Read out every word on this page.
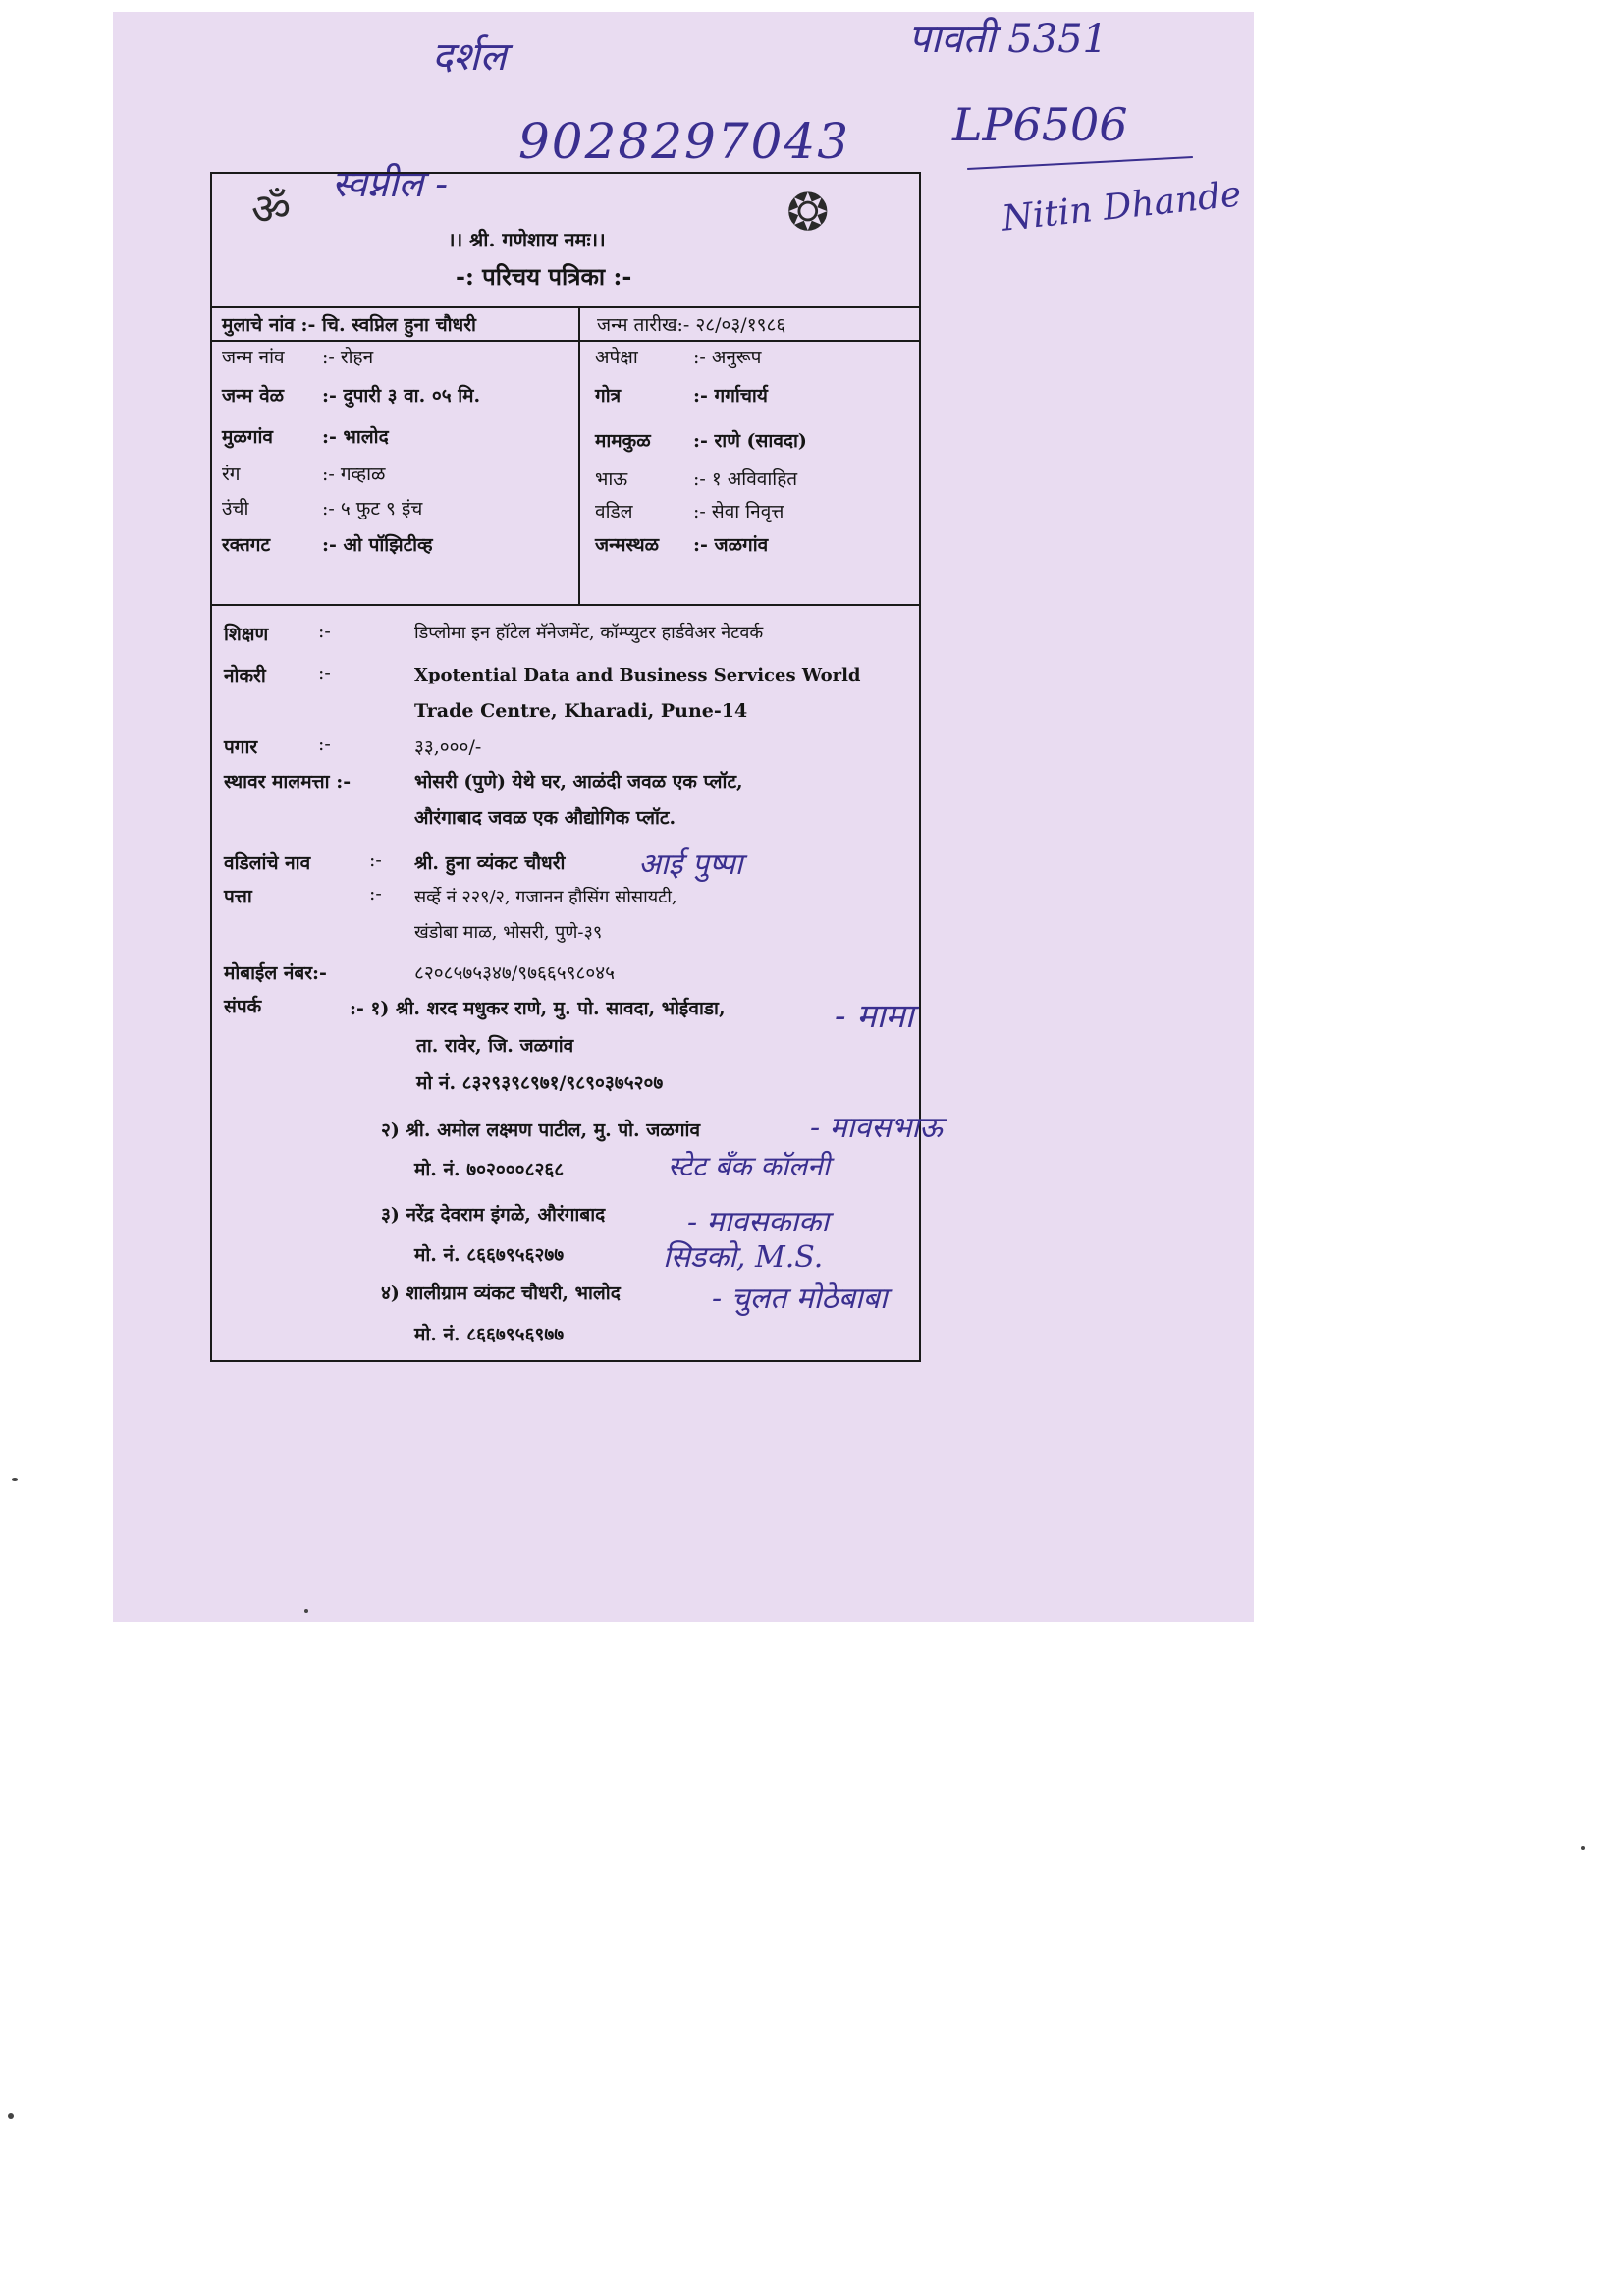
दर्शल	पावती 5351
9028297043 LP6506
Nitin Dhande
स्वप्नील -
ॐ	❂
।। श्री. गणेशाय नमः।।
-: परिचय पत्रिका :-
मुलाचे नांव :- चि. स्वप्निल हुना चौधरी	जन्म तारीख:- २८/०३/१९८६
जन्म नांव :- रोहन
जन्म वेळ :- दुपारी ३ वा. ०५ मि.
मुळगांव	:- भालोद
रंग	:- गव्हाळ
उंची	:- ५ फुट ९ इंच
रक्तगट	:- ओ पॉझिटीव्ह
अपेक्षा	:- अनुरूप
गोत्र	:- गर्गाचार्य
मामकुळ :- राणे (सावदा)
भाऊ	:- १ अविवाहित
वडिल	:- सेवा निवृत्त
जन्मस्थळ :- जळगांव
शिक्षण	:-	डिप्लोमा इन हॉटेल मॅनेजमेंट, कॉम्प्युटर हार्डवेअर नेटवर्क
नोकरी	:-	Xpotential Data and Business Services World
Trade Centre, Kharadi, Pune-14
पगार	:-	३३,०००/-
स्थावर मालमत्ता :-	भोसरी (पुणे) येथे घर, आळंदी जवळ एक प्लॉट,
औरंगाबाद जवळ एक औद्योगिक प्लॉट.
वडिलांचे नाव	:- श्री. हुना व्यंकट चौधरी
पत्ता	:- सर्व्हे नं २२९/२, गजानन हौसिंग सोसायटी,
खंडोबा माळ, भोसरी, पुणे-३९
मोबाईल नंबर:-	८२०८५७५३४७/९७६६५९८०४५
संपर्क	:- १) श्री. शरद मधुकर राणे, मु. पो. सावदा, भोईवाडा,
ता. रावेर, जि. जळगांव
मो नं. ८३२९३९८९७१/९८९०३७५२०७
२) श्री. अमोल लक्ष्मण पाटील, मु. पो. जळगांव
मो. नं. ७०२०००८२६८
३) नरेंद्र देवराम इंगळे, औरंगाबाद
मो. नं. ८६६७९५६२७७
४) शालीग्राम व्यंकट चौधरी, भालोद
मो. नं. ८६६७९५६९७७
आई पुष्पा
- मामा
- मावसभाऊ
स्टेट बँक कॉलनी
- मावसकाका
सिडको, M.S.
- चुलत मोठेबाबा
